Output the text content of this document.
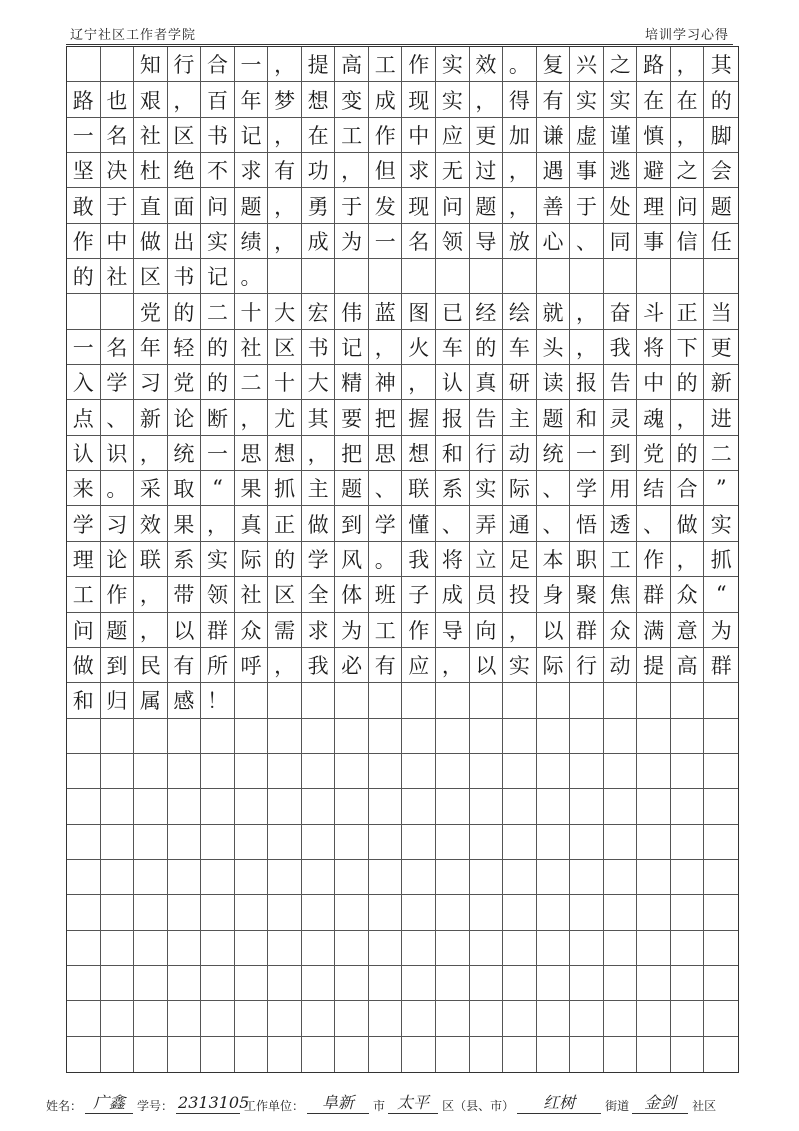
辽宁社区工作者学院	培训学习心得
知 行 合 一 ， 提 高 工 作 实 效 。 复 兴 之 路 ， 其
路 也 艰 ， 百 年 梦 想 变 成 现 实 ， 得 有 实 实 在 在 的
一 名 社 区 书 记 ， 在 工 作 中 应 更 加 谦 虚 谨 慎 ， 脚
坚 决 杜 绝 不 求 有 功 ， 但 求 无 过 ， 遇 事 逃 避 之 会
敢 于 直 面 问 题 ， 勇 于 发 现 问 题 ， 善 于 处 理 问 题
作 中 做 出 实 绩 ， 成 为 一 名 领 导 放 心 、 同 事 信 任
的 社 区 书 记 。
党 的 二 十 大 宏 伟 蓝 图 已 经 绘 就 ， 奋 斗 正 当
一 名 年 轻 的 社 区 书 记 ， 火 车 的 车 头 ， 我 将 下 更
入 学 习 党 的 二 十 大 精 神 ， 认 真 研 读 报 告 中 的 新
点 、 新 论 断 ， 尤 其 要 把 握 报 告 主 题 和 灵 魂 ， 进
认 识 ， 统 一 思 想 ， 把 思 想 和 行 动 统 一 到 党 的 二
来 。 采 取 “ 果 抓 主 题 、 联 系 实 际 、 学 用 结 合 ”
学 习 效 果 ， 真 正 做 到 学 懂 、 弄 通 、 悟 透 、 做 实
理 论 联 系 实 际 的 学 风 。 我 将 立 足 本 职 工 作 ， 抓
工 作 ， 带 领 社 区 全 体 班 子 成 员 投 身 聚 焦 群 众 “
问 题 ， 以 群 众 需 求 为 工 作 导 向 ， 以 群 众 满 意 为
做 到 民 有 所 呼 ， 我 必 有 应 ， 以 实 际 行 动 提 高 群
和 归 属 感 ！
姓名： 广鑫	学号： 2313105
工作单位：	阜新	市 太平	区（县、市）	红树	街道 金剑	社区
